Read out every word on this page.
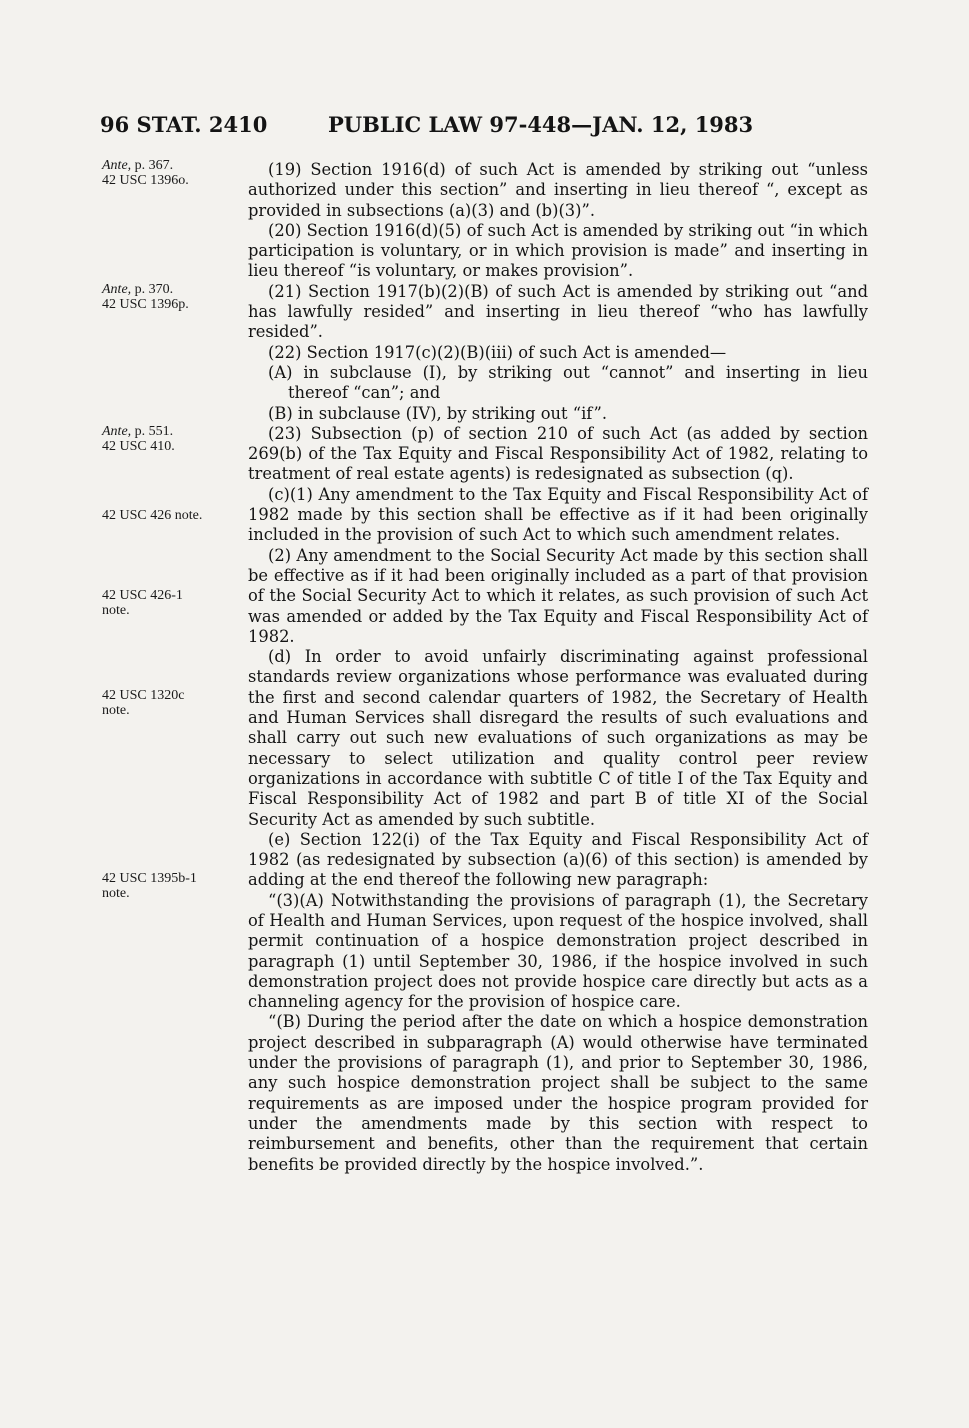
96 STAT. 2410	PUBLIC LAW 97-448—JAN. 12, 1983
Ante, p. 367.
42 USC 1396o.
Ante, p. 370.
42 USC 1396p.
Ante, p. 551.
42 USC 410.
42 USC 426 note.
42 USC 426-1
note.
42 USC 1320c
note.
42 USC 1395b-1
note.

(19) Section 1916(d) of such Act is amended by striking out “unless authorized under this section” and inserting in lieu thereof “, except as provided in subsections (a)(3) and (b)(3)”.

(20) Section 1916(d)(5) of such Act is amended by striking out “in which participation is voluntary, or in which provision is made” and inserting in lieu thereof “is voluntary, or makes provision”.

(21) Section 1917(b)(2)(B) of such Act is amended by striking out “and has lawfully resided” and inserting in lieu thereof “who has lawfully resided”.

(22) Section 1917(c)(2)(B)(iii) of such Act is amended—

(A) in subclause (I), by striking out “cannot” and inserting in lieu thereof “can”; and

(B) in subclause (IV), by striking out “if”.

(23) Subsection (p) of section 210 of such Act (as added by section 269(b) of the Tax Equity and Fiscal Responsibility Act of 1982, relating to treatment of real estate agents) is redesignated as subsection (q).

(c)(1) Any amendment to the Tax Equity and Fiscal Responsibility Act of 1982 made by this section shall be effective as if it had been originally included in the provision of such Act to which such amendment relates.

(2) Any amendment to the Social Security Act made by this section shall be effective as if it had been originally included as a part of that provision of the Social Security Act to which it relates, as such provision of such Act was amended or added by the Tax Equity and Fiscal Responsibility Act of 1982.

(d) In order to avoid unfairly discriminating against professional standards review organizations whose performance was evaluated during the first and second calendar quarters of 1982, the Secretary of Health and Human Services shall disregard the results of such evaluations and shall carry out such new evaluations of such organizations as may be necessary to select utilization and quality control peer review organizations in accordance with subtitle C of title I of the Tax Equity and Fiscal Responsibility Act of 1982 and part B of title XI of the Social Security Act as amended by such subtitle.

(e) Section 122(i) of the Tax Equity and Fiscal Responsibility Act of 1982 (as redesignated by subsection (a)(6) of this section) is amended by adding at the end thereof the following new paragraph:

“(3)(A) Notwithstanding the provisions of paragraph (1), the Secretary of Health and Human Services, upon request of the hospice involved, shall permit continuation of a hospice demonstration project described in paragraph (1) until September 30, 1986, if the hospice involved in such demonstration project does not provide hospice care directly but acts as a channeling agency for the provision of hospice care.

“(B) During the period after the date on which a hospice demonstration project described in subparagraph (A) would otherwise have terminated under the provisions of paragraph (1), and prior to September 30, 1986, any such hospice demonstration project shall be subject to the same requirements as are imposed under the hospice program provided for under the amendments made by this section with respect to reimbursement and benefits, other than the requirement that certain benefits be provided directly by the hospice involved.”.
